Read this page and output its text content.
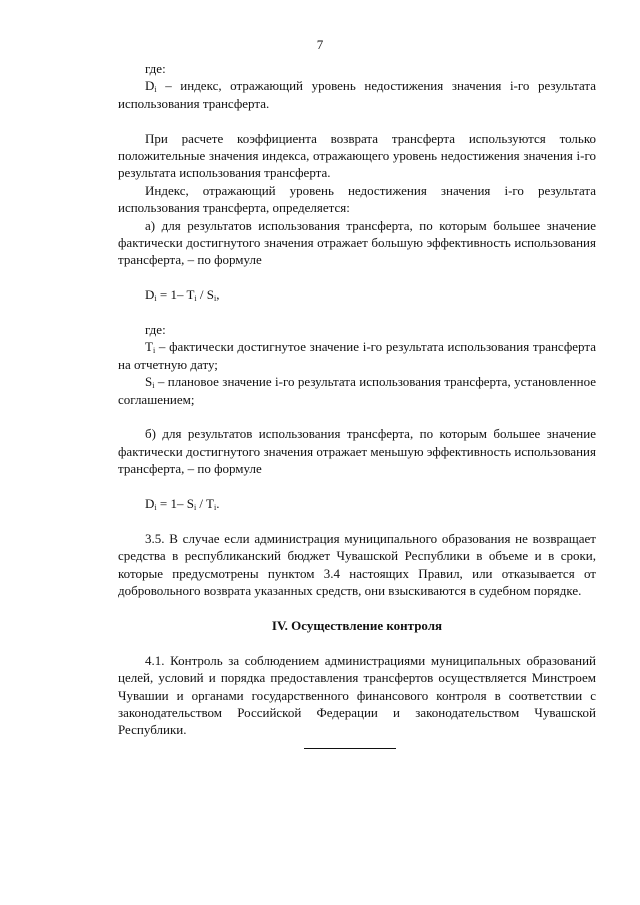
7

где:

$D_i$ – индекс, отражающий уровень недостижения значения i-го результата использования трансферта.

При расчете коэффициента возврата трансферта используются только положительные значения индекса, отражающего уровень недостижения значения i-го результата использования трансферта.

Индекс, отражающий уровень недостижения значения i-го результата использования трансферта, определяется:

а) для результатов использования трансферта, по которым большее значение фактически достигнутого значения отражает большую эффективность использования трансферта, – по формуле

$D_i = 1-$ $T_i / S_i$,

где:

$T_i$ – фактически достигнутое значение i-го результата использования трансферта на отчетную дату;

$S_i$ – плановое значение i-го результата использования трансферта, установленное соглашением;

б) для результатов использования трансферта, по которым большее значение фактически достигнутого значения отражает меньшую эффективность использования трансферта, – по формуле

$D_i = 1-$ $S_i / T_i$.

3.5. В случае если администрация муниципального образования не возвращает средства в республиканский бюджет Чувашской Республики в объеме и в сроки, которые предусмотрены пунктом 3.4 настоящих Правил, или отказывается от добровольного возврата указанных средств, они взыскиваются в судебном порядке.

IV. Осуществление контроля

4.1. Контроль за соблюдением администрациями муниципальных образований целей, условий и порядка предоставления трансфертов осуществляется Минстроем Чувашии и органами государственного финансового контроля в соответствии с законодательством Российской Федерации и законодательством Чувашской Республики.
